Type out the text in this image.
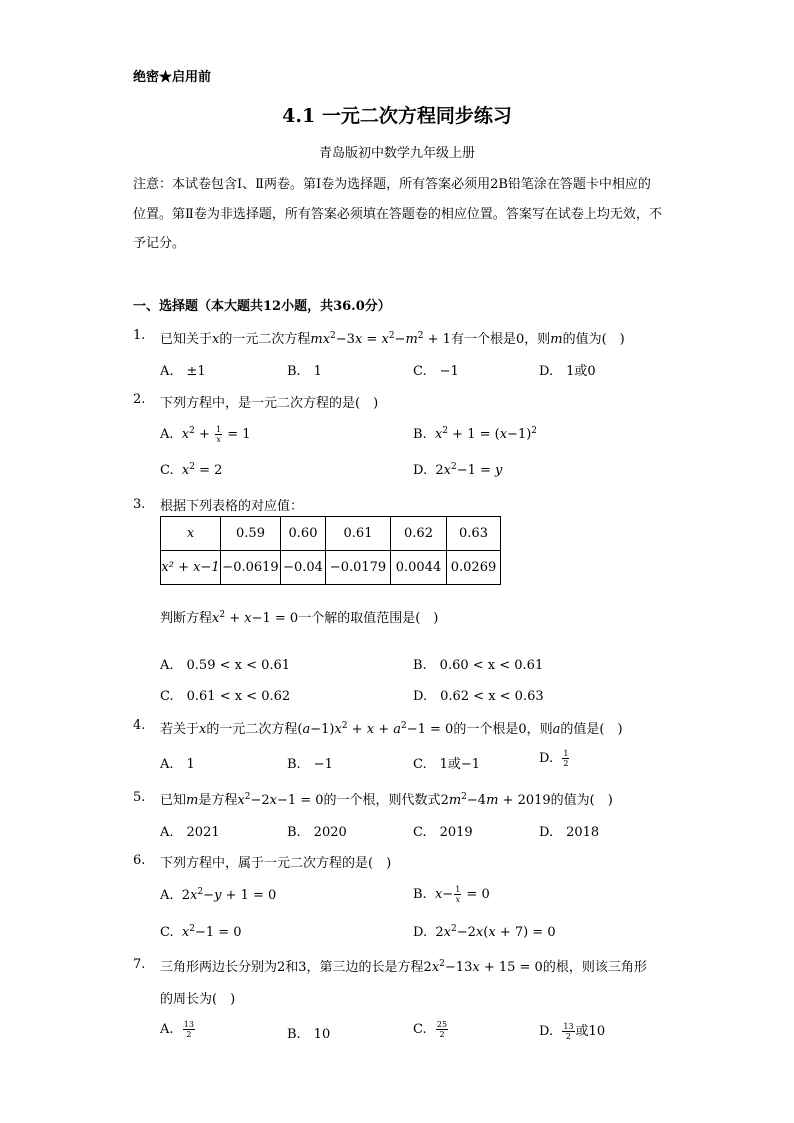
绝密★启用前
4.1 一元二次方程同步练习
青岛版初中数学九年级上册
注意：本试卷包含Ⅰ、Ⅱ两卷。第Ⅰ卷为选择题，所有答案必须用2B铅笔涂在答题卡中相应的位置。第Ⅱ卷为非选择题，所有答案必须填在答题卷的相应位置。答案写在试卷上均无效，不予记分。
一、选择题（本大题共12小题，共36.0分）
1. 已知关于x的一元二次方程$mx^2-3x = x^2-m^2 + 1$有一个根是0，则m的值为(　)
A.　±1	B.　1	C.　−1	D.　1或0
2. 下列方程中，是一元二次方程的是(　)
A. $x^2 + \frac{1}{x} = 1$	B. $x^2 + 1 = (x-1)^2$
C. $x^2 = 2$	D.  $2x^2-1 = y$
3. 根据下列表格的对应值：
x	0.59	0.60	0.61	0.62	0.63
x² + x−1	−0.0619	−0.04	−0.0179	0.0044	0.0269
判断方程$x^2 + x-1 = 0$一个解的取值范围是(　)
A.　0.59 < x < 0.61	B.　0.60 < x < 0.61
C.　0.61 < x < 0.62	D.　0.62 < x < 0.63
4. 若关于x的一元二次方程$(a-1)x^2 + x + a^2-1 = 0$的一个根是0，则a的值是(　)
A.　1	B.　−1	C.　1或−1	D. $\frac{1}{2}$
5. 已知m是方程$x^2-2x-1 = 0$的一个根，则代数式$2m^2-4m + 2019$的值为(　)
A.　2021	B.　2020	C.　2019	D.　2018
6. 下列方程中，属于一元二次方程的是(　)
A.  $2x^2-y + 1 = 0$	B. $x- \frac{1}{x} = 0$
C. $x^2-1 = 0$	D.  $2x^2-2x(x + 7) = 0$
7. 三角形两边长分别为2和3，第三边的长是方程$2x^2-13x + 15 = 0$的根，则该三角形
的周长为(　)
A. $\frac{13}{2}$	B.　10	C. $\frac{25}{2}$	D. $\frac{13}{2}$ 或10
